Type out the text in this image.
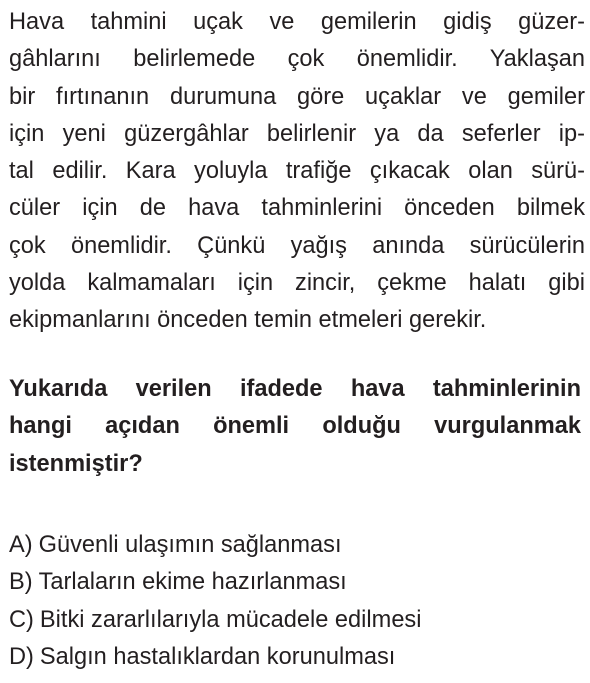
Hava tahmini uçak ve gemilerin gidiş güzer-
gâhlarını belirlemede çok önemlidir. Yaklaşan
bir fırtınanın durumuna göre uçaklar ve gemiler
için yeni güzergâhlar belirlenir ya da seferler ip-
tal edilir. Kara yoluyla trafiğe çıkacak olan sürü-
cüler için de hava tahminlerini önceden bilmek
çok önemlidir. Çünkü yağış anında sürücülerin
yolda kalmamaları için zincir, çekme halatı gibi
ekipmanlarını önceden temin etmeleri gerekir.
Yukarıda verilen ifadede hava tahminlerinin
hangi açıdan önemli olduğu vurgulanmak
istenmiştir?
A) Güvenli ulaşımın sağlanması
B) Tarlaların ekime hazırlanması
C) Bitki zararlılarıyla mücadele edilmesi
D) Salgın hastalıklardan korunulması
